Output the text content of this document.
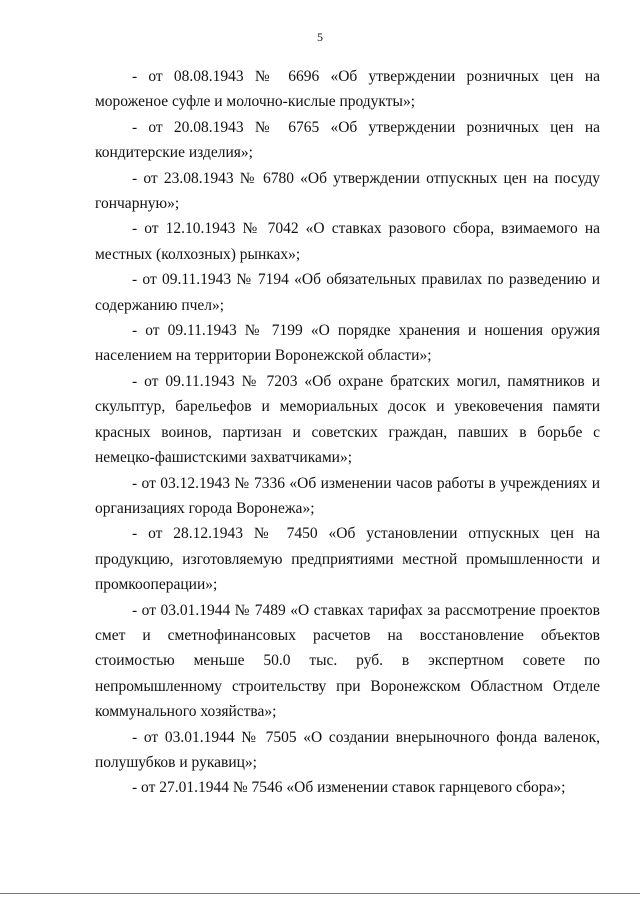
5

- от 08.08.1943 № 6696 «Об утверждении розничных цен на мороженое суфле и молочно-кислые продукты»;

- от 20.08.1943 № 6765 «Об утверждении розничных цен на кондитерские изделия»;

- от 23.08.1943 № 6780 «Об утверждении отпускных цен на посуду гончарную»;

- от 12.10.1943 № 7042 «О ставках разового сбора, взимаемого на местных (колхозных) рынках»;

- от 09.11.1943 № 7194 «Об обязательных правилах по разведению и содержанию пчел»;

- от 09.11.1943 № 7199 «О порядке хранения и ношения оружия населением на территории Воронежской области»;

- от 09.11.1943 № 7203 «Об охране братских могил, памятников и скульптур, барельефов и мемориальных досок и увековечения памяти красных воинов, партизан и советских граждан, павших в борьбе с немецко-фашистскими захватчиками»;

- от 03.12.1943 № 7336 «Об изменении часов работы в учреждениях и организациях города Воронежа»;

- от 28.12.1943 № 7450 «Об установлении отпускных цен на продукцию, изготовляемую предприятиями местной промышленности и промкооперации»;

- от 03.01.1944 № 7489 «О ставках тарифах за рассмотрение проектов смет и сметнофинансовых расчетов на восстановление объектов стоимостью меньше 50.0 тыс. руб. в экспертном совете по непромышленному строительству при Воронежском Областном Отделе коммунального хозяйства»;

- от 03.01.1944 № 7505 «О создании внерыночного фонда валенок, полушубков и рукавиц»;

- от 27.01.1944 № 7546 «Об изменении ставок гарнцевого сбора»;
